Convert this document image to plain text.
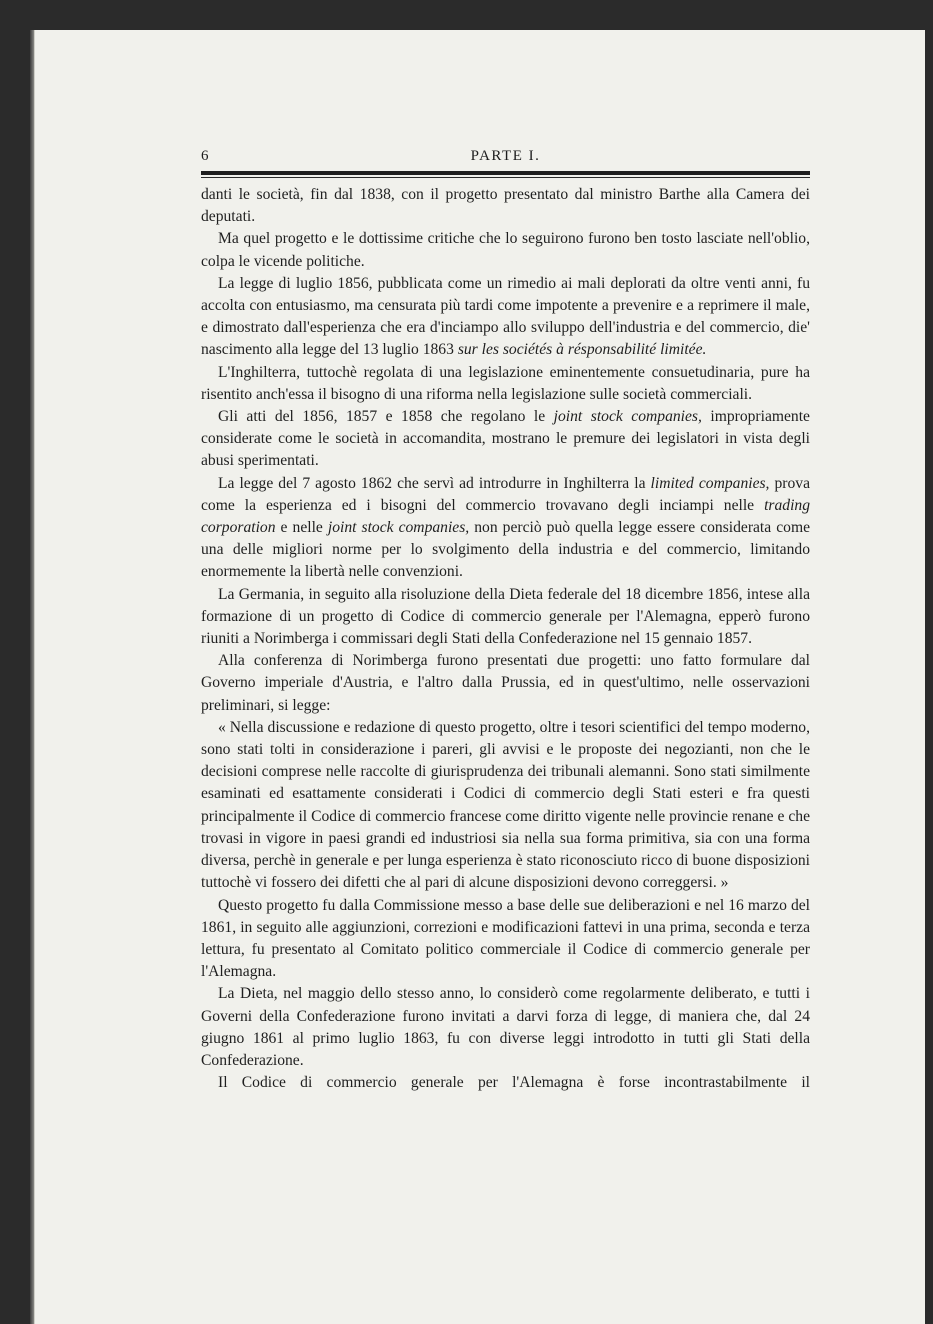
6	PARTE I.

danti le società, fin dal 1838, con il progetto presentato dal ministro Barthe alla Camera dei deputati.

Ma quel progetto e le dottissime critiche che lo seguirono furono ben tosto lasciate nell'oblio, colpa le vicende politiche.

La legge di luglio 1856, pubblicata come un rimedio ai mali deplorati da oltre venti anni, fu accolta con entusiasmo, ma censurata più tardi come impotente a prevenire e a reprimere il male, e dimostrato dall'esperienza che era d'inciampo allo sviluppo dell'industria e del commercio, die' nascimento alla legge del 13 luglio 1863 sur les sociétés à résponsabilité limitée.

L'Inghilterra, tuttochè regolata di una legislazione eminentemente consuetudinaria, pure ha risentito anch'essa il bisogno di una riforma nella legislazione sulle società commerciali.

Gli atti del 1856, 1857 e 1858 che regolano le joint stock companies, impropriamente considerate come le società in accomandita, mostrano le premure dei legislatori in vista degli abusi sperimentati.

La legge del 7 agosto 1862 che servì ad introdurre in Inghilterra la limited companies, prova come la esperienza ed i bisogni del commercio trovavano degli inciampi nelle trading corporation e nelle joint stock companies, non perciò può quella legge essere considerata come una delle migliori norme per lo svolgimento della industria e del commercio, limitando enormemente la libertà nelle convenzioni.

La Germania, in seguito alla risoluzione della Dieta federale del 18 dicembre 1856, intese alla formazione di un progetto di Codice di commercio generale per l'Alemagna, epperò furono riuniti a Norimberga i commissari degli Stati della Confederazione nel 15 gennaio 1857.

Alla conferenza di Norimberga furono presentati due progetti: uno fatto formulare dal Governo imperiale d'Austria, e l'altro dalla Prussia, ed in quest'ultimo, nelle osservazioni preliminari, si legge:

« Nella discussione e redazione di questo progetto, oltre i tesori scientifici del tempo moderno, sono stati tolti in considerazione i pareri, gli avvisi e le proposte dei negozianti, non che le decisioni comprese nelle raccolte di giurisprudenza dei tribunali alemanni. Sono stati similmente esaminati ed esattamente considerati i Codici di commercio degli Stati esteri e fra questi principalmente il Codice di commercio francese come diritto vigente nelle provincie renane e che trovasi in vigore in paesi grandi ed industriosi sia nella sua forma primitiva, sia con una forma diversa, perchè in generale e per lunga esperienza è stato riconosciuto ricco di buone disposizioni tuttochè vi fossero dei difetti che al pari di alcune disposizioni devono correggersi. »

Questo progetto fu dalla Commissione messo a base delle sue deliberazioni e nel 16 marzo del 1861, in seguito alle aggiunzioni, correzioni e modificazioni fattevi in una prima, seconda e terza lettura, fu presentato al Comitato politico commerciale il Codice di commercio generale per l'Alemagna.

La Dieta, nel maggio dello stesso anno, lo considerò come regolarmente deliberato, e tutti i Governi della Confederazione furono invitati a darvi forza di legge, di maniera che, dal 24 giugno 1861 al primo luglio 1863, fu con diverse leggi introdotto in tutti gli Stati della Confederazione.

Il Codice di commercio generale per l'Alemagna è forse incontrastabilmente il
